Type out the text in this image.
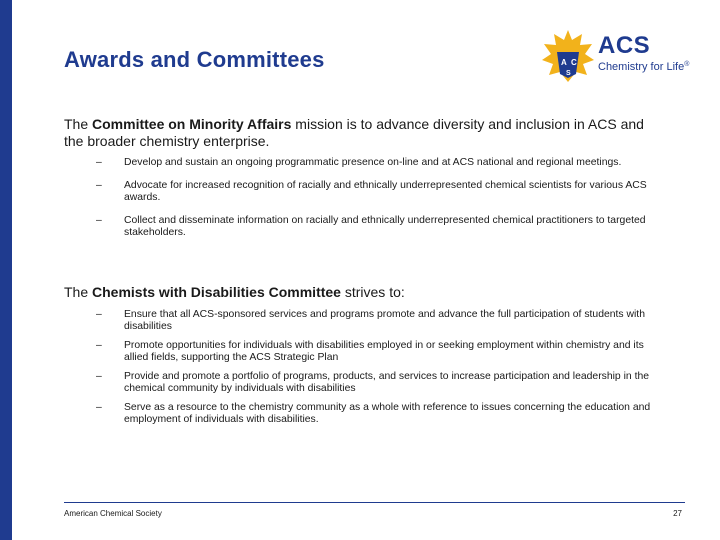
Awards and Committees	A C
S
ACS
Chemistry for Life®

The Committee on Minority Affairs mission is to advance diversity and inclusion in ACS and the broader chemistry enterprise.

– Develop and sustain an ongoing programmatic presence on-line and at ACS national and regional meetings.
– Advocate for increased recognition of racially and ethnically underrepresented chemical scientists for various ACS awards.
– Collect and disseminate information on racially and ethnically underrepresented chemical practitioners to targeted stakeholders.

The Chemists with Disabilities Committee strives to:

– Ensure that all ACS-sponsored services and programs promote and advance the full participation of students with disabilities
– Promote opportunities for individuals with disabilities employed in or seeking employment within chemistry and its allied fields, supporting the ACS Strategic Plan
– Provide and promote a portfolio of programs, products, and services to increase participation and leadership in the chemical community by individuals with disabilities
– Serve as a resource to the chemistry community as a whole with reference to issues concerning the education and employment of individuals with disabilities.
American Chemical Society	27
